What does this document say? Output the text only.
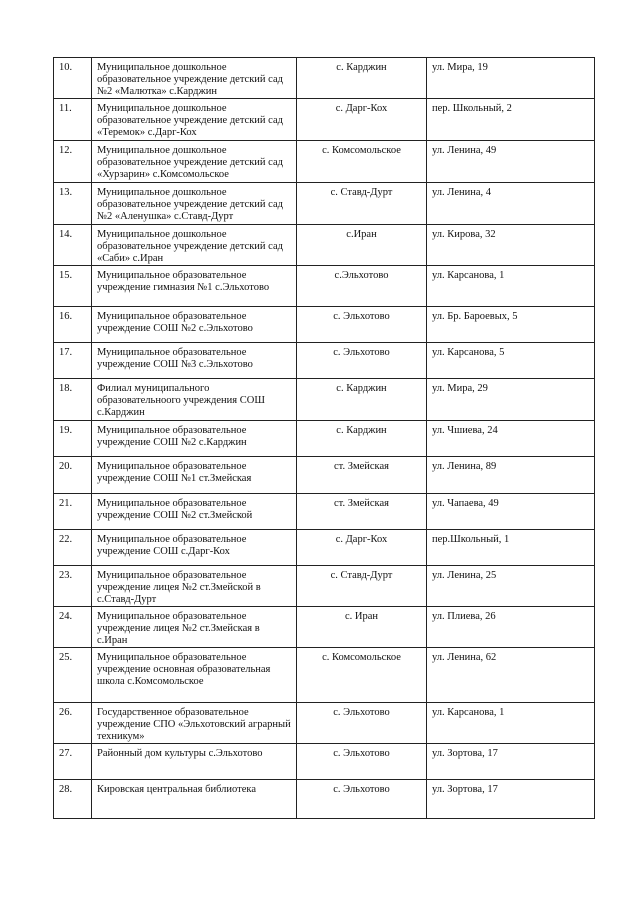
10.	Муниципальное дошкольное образовательное учреждение детский сад №2 «Малютка» с.Карджин	с. Карджин	ул. Мира, 19

11.	Муниципальное дошкольное образовательное учреждение детский сад «Теремок» с.Дарг-Кох	с. Дарг-Кох	пер. Школьный, 2

12.	Муниципальное дошкольное образовательное учреждение детский сад «Хурзарин» с.Комсомольское	с. Комсомольское	ул. Ленина, 49

13.	Муниципальное дошкольное образовательное учреждение детский сад №2 «Аленушка» с.Ставд-Дурт	с. Ставд-Дурт	ул. Ленина, 4

14.	Муниципальное дошкольное образовательное учреждение детский сад «Саби» с.Иран	с.Иран	ул. Кирова, 32

15.	Муниципальное образовательное учреждение гимназия №1 с.Эльхотово	с.Эльхотово	ул. Карсанова, 1

16.	Муниципальное образовательное учреждение СОШ №2 с.Эльхотово	с. Эльхотово	ул. Бр. Бароевых, 5

17.	Муниципальное образовательное учреждение СОШ №3 с.Эльхотово	с. Эльхотово	ул. Карсанова, 5

18.	Филиал муниципального образовательноого учреждения СОШ с.Карджин	с. Карджин	ул. Мира, 29

19.	Муниципальное образовательное учреждение СОШ №2 с.Карджин	с. Карджин	ул. Чшиева, 24

20.	Муниципальное образовательное учреждение СОШ №1 ст.Змейская	ст. Змейская	ул. Ленина, 89

21.	Муниципальное образовательное учреждение СОШ №2 ст.Змейской	ст. Змейская	ул. Чапаева, 49

22.	Муниципальное образовательное учреждение СОШ с.Дарг-Кох	с. Дарг-Кох	пер.Школьный, 1

23.	Муниципальное образовательное учреждение лицея №2 ст.Змейской в с.Ставд-Дурт	с. Ставд-Дурт	ул. Ленина, 25

24.	Муниципальное образовательное учреждение лицея №2 ст.Змейская в с.Иран	с. Иран	ул. Плиева, 26

25.	Муниципальное образовательное учреждение основная образовательная школа с.Комсомольское	с. Комсомольское	ул. Ленина, 62

26.	Государственное образовательное учреждение СПО «Эльхотовский аграрный техникум»	с. Эльхотово	ул. Карсанова, 1

27.	Районный дом культуры с.Эльхотово	с. Эльхотово	ул. Зортова, 17

28.	Кировская центральная библиотека	с. Эльхотово	ул. Зортова, 17
